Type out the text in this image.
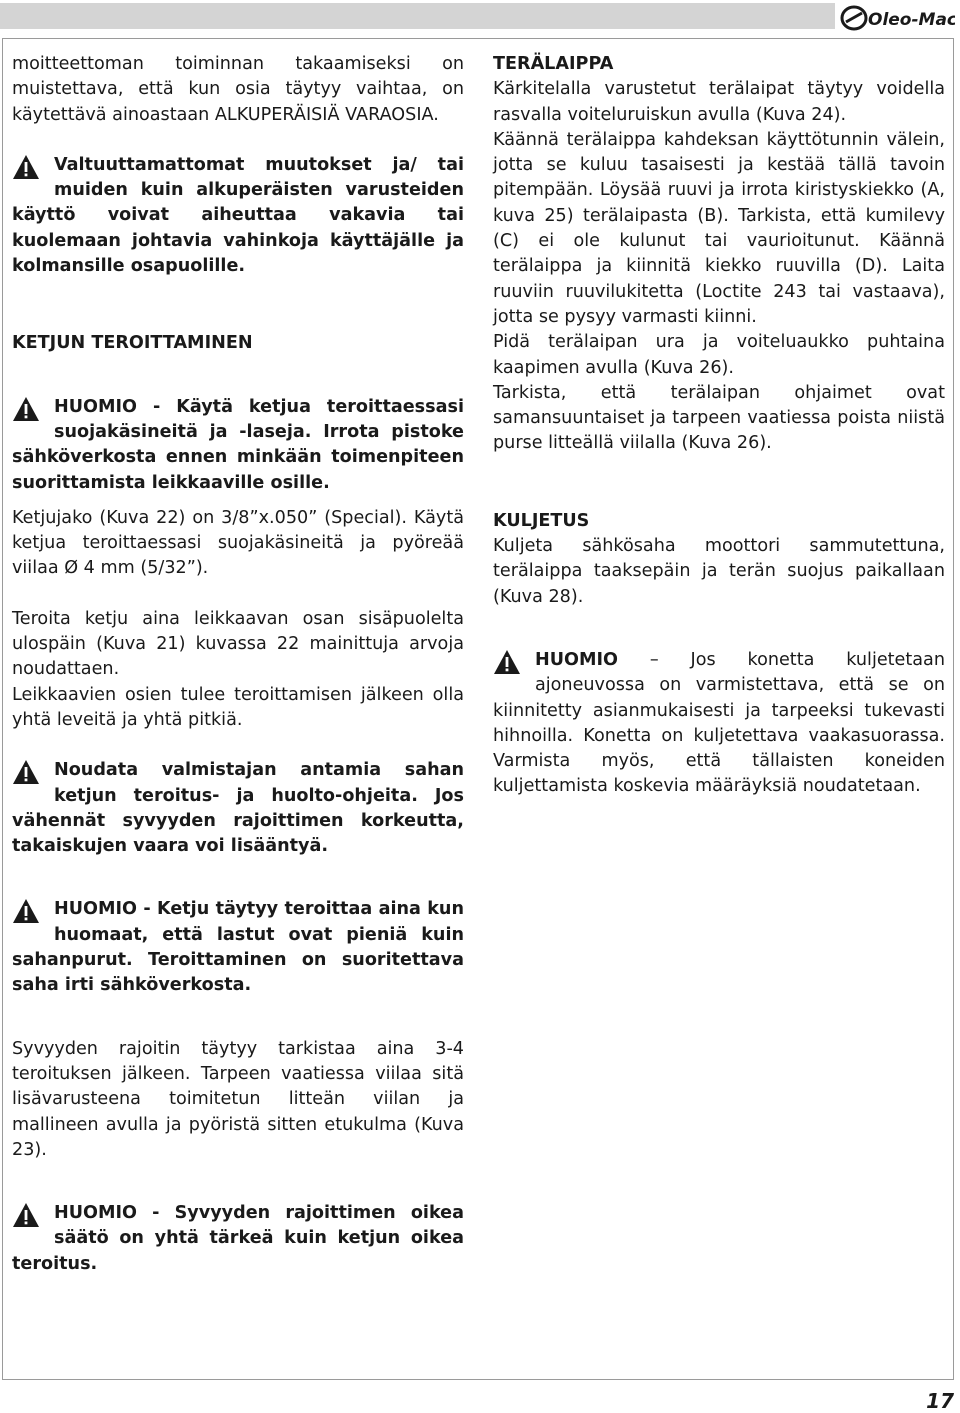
Oleo-Mac

moitteettoman toiminnan takaamiseksi on muistettava, että kun osia täytyy vaihtaa, on käytettävä ainoastaan ALKUPERÄISIÄ VARAOSIA.

Valtuuttamattomat muutokset ja/ tai muiden kuin alkuperäisten varusteiden käyttö voivat aiheuttaa vakavia tai kuolemaan johtavia vahinkoja käyttäjälle ja kolmansille osapuolille.

KETJUN TEROITTAMINEN

HUOMIO - Käytä ketjua teroittaessasi suojakäsineitä ja -laseja. Irrota pistoke sähköverkosta ennen minkään toimenpiteen suorittamista leikkaaville osille.

Ketjujako (Kuva 22) on 3/8”x.050” (Special). Käytä ketjua teroittaessasi suojakäsineitä ja pyöreää viilaa Ø 4 mm (5/32”).

Teroita ketju aina leikkaavan osan sisäpuolelta ulospäin (Kuva 21) kuvassa 22 mainittuja arvoja noudattaen.

Leikkaavien osien tulee teroittamisen jälkeen olla yhtä leveitä ja yhtä pitkiä.

Noudata valmistajan antamia sahan ketjun teroitus- ja huolto-ohjeita. Jos vähennät syvyyden rajoittimen korkeutta, takaiskujen vaara voi lisääntyä.

HUOMIO - Ketju täytyy teroittaa aina kun huomaat, että lastut ovat pieniä kuin sahanpurut. Teroittaminen on suoritettava saha irti sähköverkosta.

Syvyyden rajoitin täytyy tarkistaa aina 3-4 teroituksen jälkeen. Tarpeen vaatiessa viilaa sitä lisävarusteena toimitetun litteän viilan ja mallineen avulla ja pyöristä sitten etukulma (Kuva 23).

HUOMIO - Syvyyden rajoittimen oikea säätö on yhtä tärkeä kuin ketjun oikea teroitus.

TERÄLAIPPA

Kärkitelalla varustetut terälaipat täytyy voidella rasvalla voiteluruiskun avulla (Kuva 24).

Käännä terälaippa kahdeksan käyttötunnin välein, jotta se kuluu tasaisesti ja kestää tällä tavoin pitempään. Löysää ruuvi ja irrota kiristyskiekko (A, kuva 25) terälaipasta (B). Tarkista, että kumilevy (C) ei ole kulunut tai vaurioitunut. Käännä terälaippa ja kiinnitä kiekko ruuvilla (D). Laita ruuviin ruuvilukitetta (Loctite 243 tai vastaava), jotta se pysyy varmasti kiinni.

Pidä terälaipan ura ja voiteluaukko puhtaina kaapimen avulla (Kuva 26).

Tarkista, että terälaipan ohjaimet ovat samansuuntaiset ja tarpeen vaatiessa poista niistä purse litteällä viilalla (Kuva 26).

KULJETUS

Kuljeta sähkösaha moottori sammutettuna, terälaippa taaksepäin ja terän suojus paikallaan (Kuva 28).

HUOMIO – Jos konetta kuljetetaan ajoneuvossa on varmistettava, että se on kiinnitetty asianmukaisesti ja tarpeeksi tukevasti hihnoilla. Konetta on kuljetettava vaakasuorassa. Varmista myös, että tällaisten koneiden kuljettamista koskevia määräyksiä noudatetaan.

17
